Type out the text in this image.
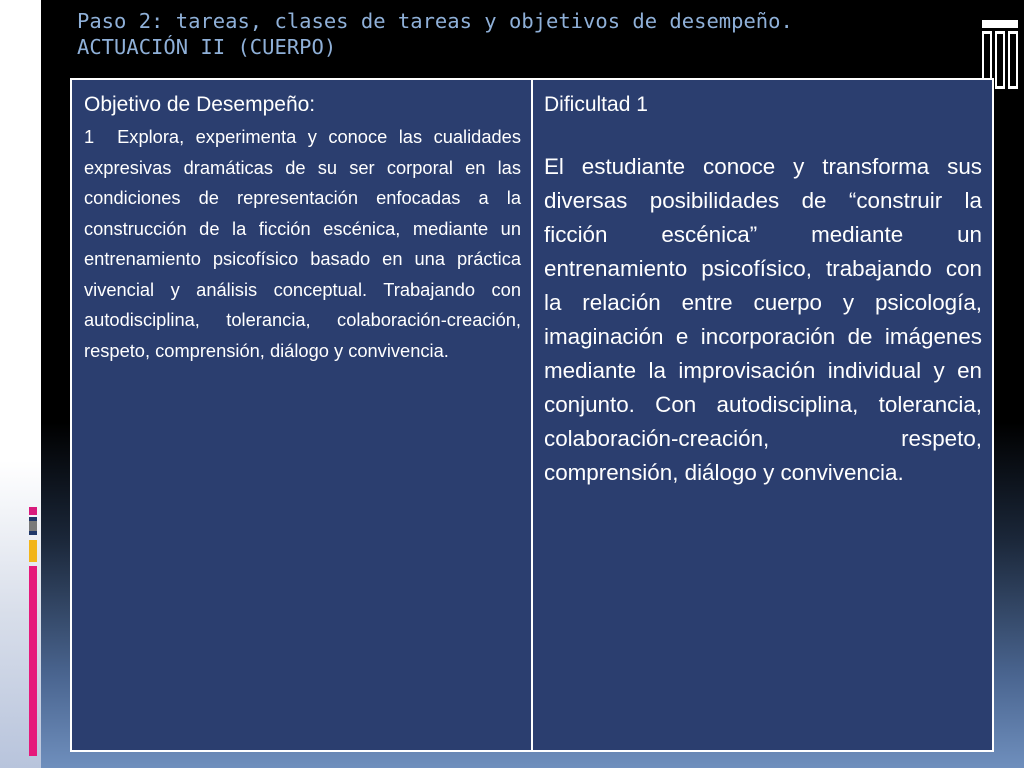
Paso 2: tareas, clases de tareas y objetivos de desempeño.
ACTUACIÓN II (CUERPO)

Objetivo de Desempeño:

1 Explora, experimenta y conoce las cualidades expresivas dramáticas de su ser corporal en las condiciones de representación enfocadas a la construcción de la ficción escénica, mediante un entrenamiento psicofísico basado en una práctica vivencial y análisis conceptual. Trabajando con autodisciplina, tolerancia, colaboración-creación, respeto, comprensión, diálogo y convivencia.

Dificultad 1

El estudiante conoce y transforma sus diversas posibilidades de “construir la ficción escénica” mediante un entrenamiento psicofísico, trabajando con la relación entre cuerpo y psicología, imaginación e incorporación de imágenes mediante la improvisación individual y en conjunto. Con autodisciplina, tolerancia, colaboración-creación, respeto, comprensión, diálogo y convivencia.
